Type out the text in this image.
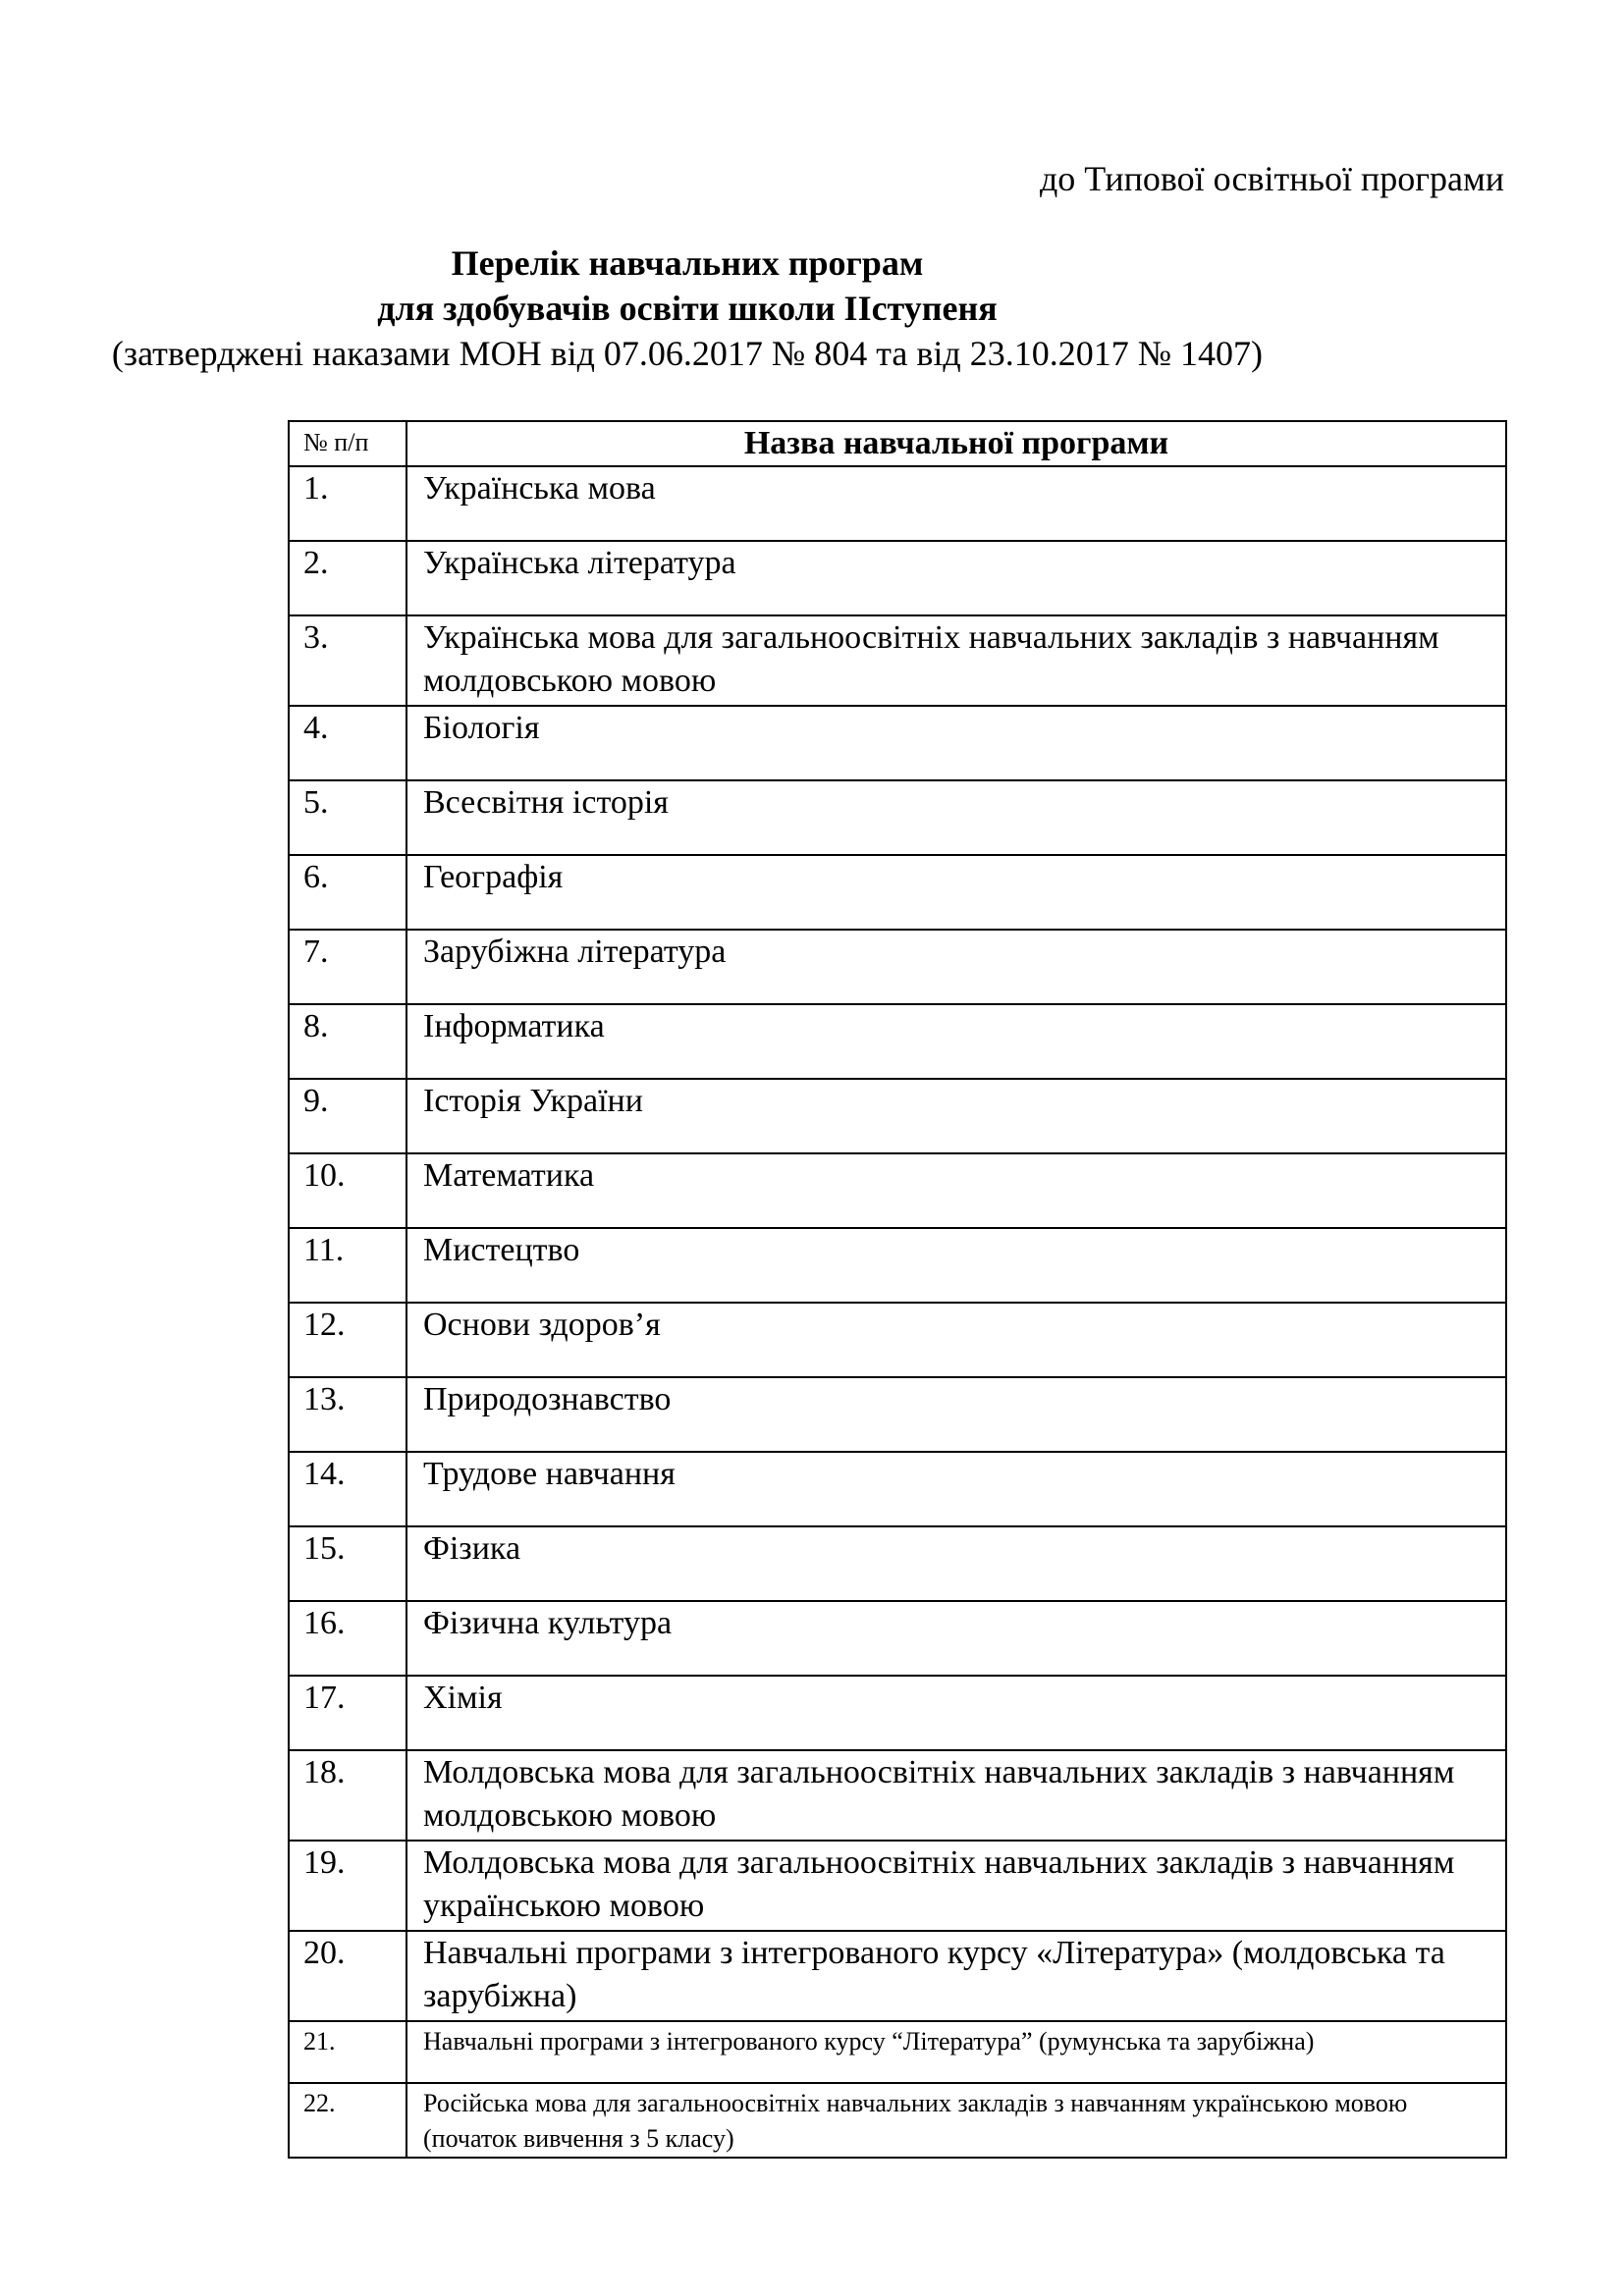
до Типової освітньої програми
Перелік навчальних програм
для здобувачів освіти школи ІІступеня
(затверджені наказами МОН від 07.06.2017 № 804 та від 23.10.2017 № 1407)
№ п/п	Назва навчальної програми
1.	Українська мова
2.	Українська література
3.	Українська мова для загальноосвітніх навчальних закладів з навчанням молдовською мовою
4.	Біологія
5.	Всесвітня історія
6.	Географія
7.	Зарубіжна література
8.	Інформатика
9.	Історія України
10.	Математика
11.	Мистецтво
12.	Основи здоров’я
13.	Природознавство
14.	Трудове навчання
15.	Фізика
16.	Фізична культура
17.	Хімія
18.	Молдовська мова для загальноосвітніх навчальних закладів з навчанням молдовською мовою
19.	Молдовська мова для загальноосвітніх навчальних закладів з навчанням українською мовою
20.	Навчальні програми з інтегрованого курсу «Література» (молдовська та зарубіжна)
21.	Навчальні програми з інтегрованого курсу “Література” (румунська та зарубіжна)
22.	Російська мова для загальноосвітніх навчальних закладів з навчанням українською мовою (початок вивчення з 5 класу)
